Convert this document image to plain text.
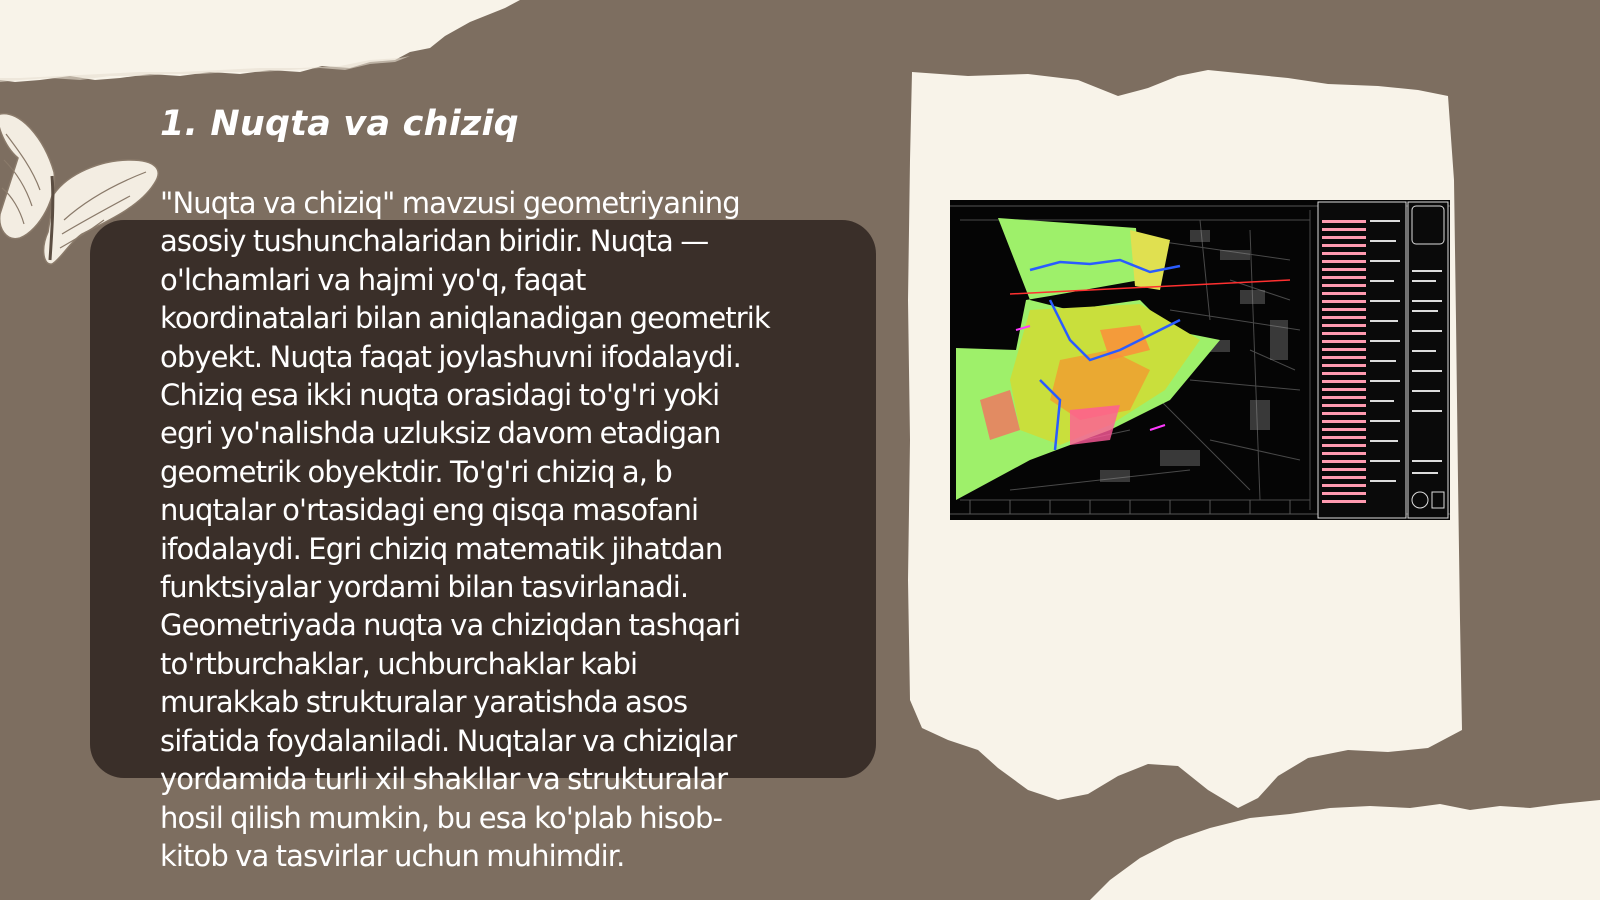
1. Nuqta va chiziq

"Nuqta va chiziq" mavzusi geometriyaning
asosiy tushunchalaridan biridir. Nuqta —
o'lchamlari va hajmi yo'q, faqat
koordinatalari bilan aniqlanadigan geometrik
obyekt. Nuqta faqat joylashuvni ifodalaydi.
Chiziq esa ikki nuqta orasidagi to'g'ri yoki
egri yo'nalishda uzluksiz davom etadigan
geometrik obyektdir. To'g'ri chiziq a, b
nuqtalar o'rtasidagi eng qisqa masofani
ifodalaydi. Egri chiziq matematik jihatdan
funktsiyalar yordami bilan tasvirlanadi.
Geometriyada nuqta va chiziqdan tashqari
to'rtburchaklar, uchburchaklar kabi
murakkab strukturalar yaratishda asos
sifatida foydalaniladi. Nuqtalar va chiziqlar
yordamida turli xil shakllar va strukturalar
hosil qilish mumkin, bu esa ko'plab hisob-
kitob va tasvirlar uchun muhimdir.
